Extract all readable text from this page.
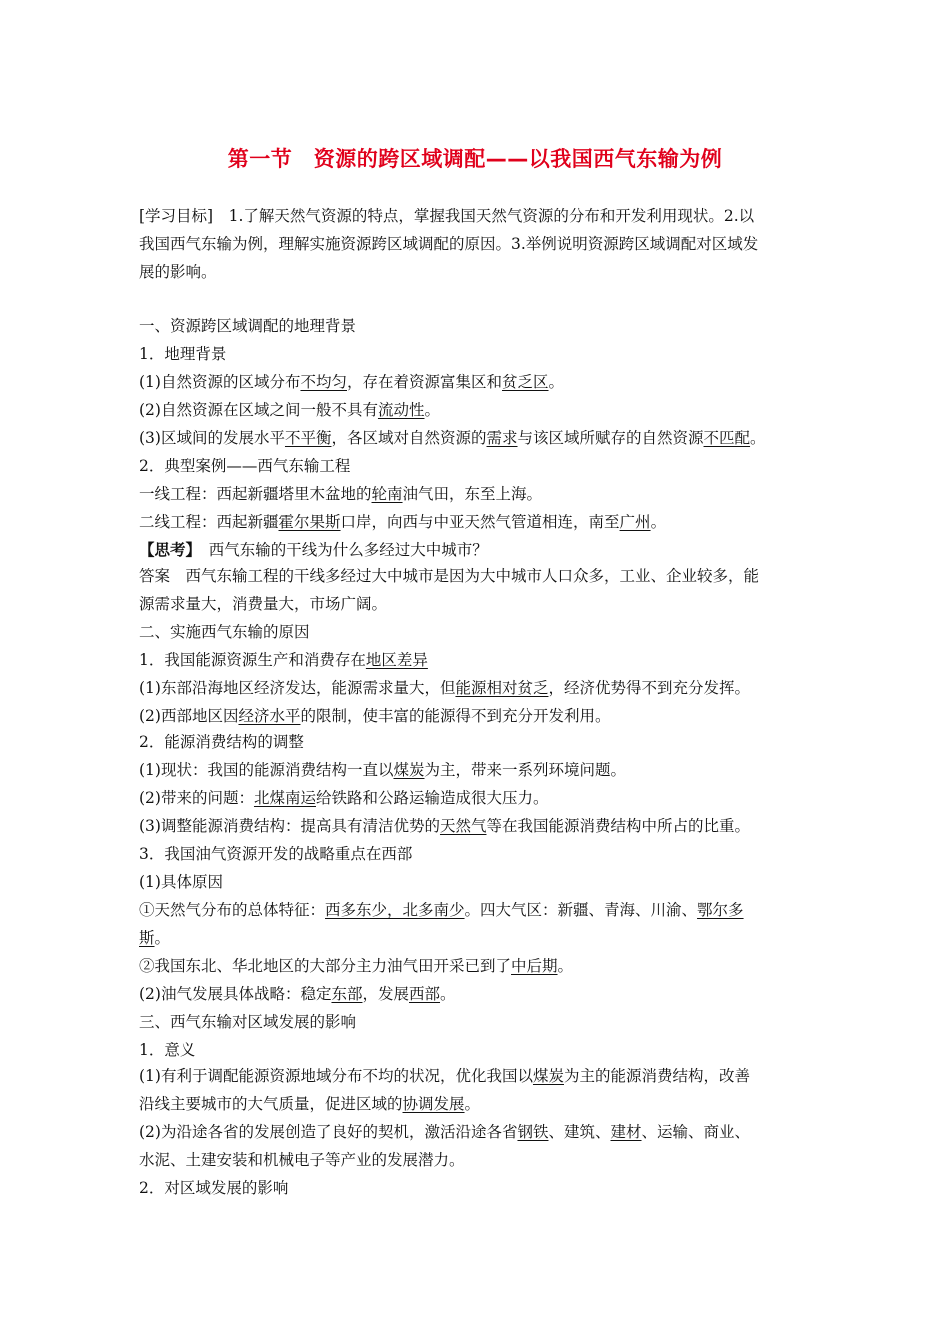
第一节　资源的跨区域调配——以我国西气东输为例
[学习目标]　1.了解天然气资源的特点，掌握我国天然气资源的分布和开发利用现状。2.以
我国西气东输为例，理解实施资源跨区域调配的原因。3.举例说明资源跨区域调配对区域发
展的影响。
一、资源跨区域调配的地理背景
1．地理背景
(1)自然资源的区域分布不均匀，存在着资源富集区和贫乏区。
(2)自然资源在区域之间一般不具有流动性。
(3)区域间的发展水平不平衡，各区域对自然资源的需求与该区域所赋存的自然资源不匹配。
2．典型案例——西气东输工程
一线工程：西起新疆塔里木盆地的轮南油气田，东至上海。
二线工程：西起新疆霍尔果斯口岸，向西与中亚天然气管道相连，南至广州。
【思考】　西气东输的干线为什么多经过大中城市？
答案　西气东输工程的干线多经过大中城市是因为大中城市人口众多，工业、企业较多，能
源需求量大，消费量大，市场广阔。
二、实施西气东输的原因
1．我国能源资源生产和消费存在地区差异
(1)东部沿海地区经济发达，能源需求量大，但能源相对贫乏，经济优势得不到充分发挥。
(2)西部地区因经济水平的限制，使丰富的能源得不到充分开发利用。
2．能源消费结构的调整
(1)现状：我国的能源消费结构一直以煤炭为主，带来一系列环境问题。
(2)带来的问题：北煤南运给铁路和公路运输造成很大压力。
(3)调整能源消费结构：提高具有清洁优势的天然气等在我国能源消费结构中所占的比重。
3．我国油气资源开发的战略重点在西部
(1)具体原因
①天然气分布的总体特征：西多东少，北多南少。四大气区：新疆、青海、川渝、鄂尔多
斯。
②我国东北、华北地区的大部分主力油气田开采已到了中后期。
(2)油气发展具体战略：稳定东部，发展西部。
三、西气东输对区域发展的影响
1．意义
(1)有利于调配能源资源地域分布不均的状况，优化我国以煤炭为主的能源消费结构，改善
沿线主要城市的大气质量，促进区域的协调发展。
(2)为沿途各省的发展创造了良好的契机，激活沿途各省钢铁、建筑、建材、运输、商业、
水泥、土建安装和机械电子等产业的发展潜力。
2．对区域发展的影响
